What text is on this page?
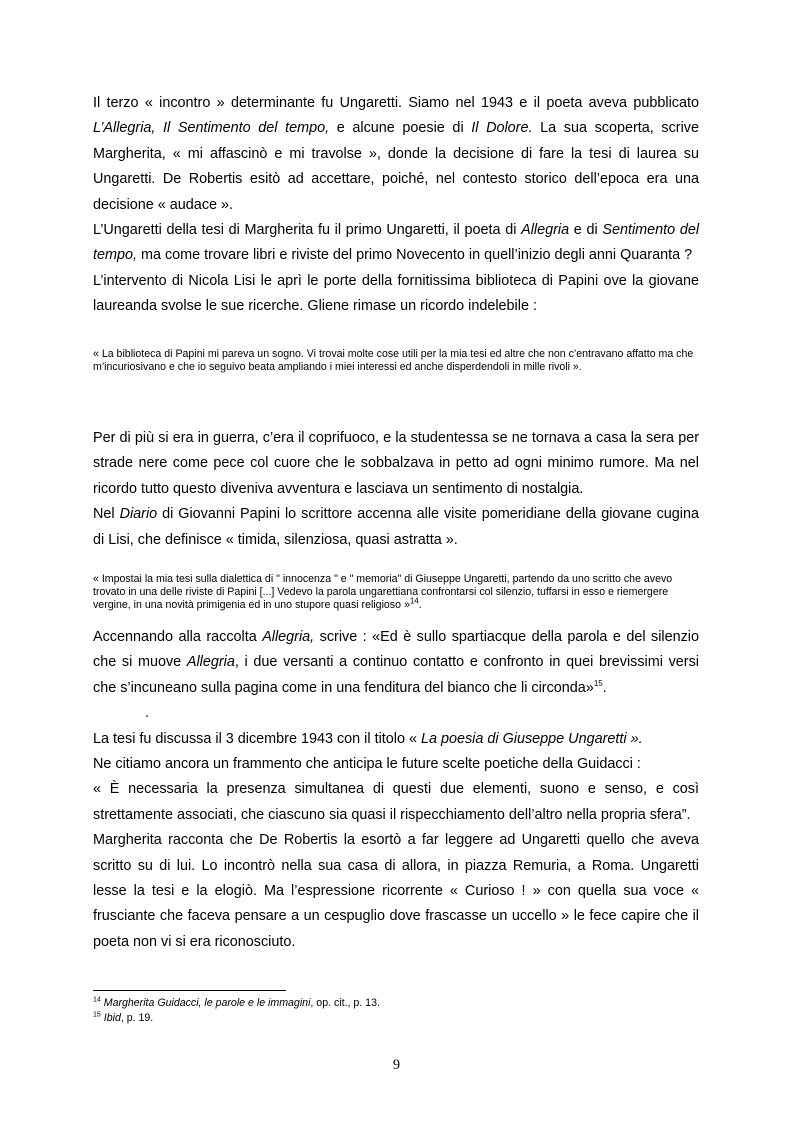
Il terzo « incontro » determinante fu Ungaretti. Siamo nel 1943 e il poeta aveva pubblicato L’Allegria, Il Sentimento del tempo, e alcune poesie di Il Dolore. La sua scoperta, scrive Margherita, « mi affascinò e mi travolse », donde la decisione di fare la tesi di laurea su Ungaretti. De Robertis esitò ad accettare, poiché, nel contesto storico dell’epoca era una decisione « audace ».

L’Ungaretti della tesi di Margherita fu il primo Ungaretti, il poeta di Allegria e di Sentimento del tempo, ma come trovare libri e riviste del primo Novecento in quell’inizio degli anni Quaranta ?

L’intervento di Nicola Lisi le aprì le porte della fornitissima biblioteca di Papini ove la giovane laureanda svolse le sue ricerche. Gliene rimase un ricordo indelebile :

« La biblioteca di Papini mi pareva un sogno. Vi trovai molte cose utili per la mia tesi ed altre che non c’entravano affatto ma che m’incuriosivano e che io seguivo beata ampliando i miei interessi ed anche disperdendoli in mille rivoli ».

Per di più si era in guerra, c’era il coprifuoco, e la studentessa se ne tornava a casa la sera per strade nere come pece col cuore che le sobbalzava in petto ad ogni minimo rumore. Ma nel ricordo tutto questo diveniva avventura e lasciava un sentimento di nostalgia.

Nel Diario di Giovanni Papini lo scrittore accenna alle visite pomeridiane della giovane cugina di Lisi, che definisce « timida, silenziosa, quasi astratta ».

« Impostai la mia tesi sulla dialettica di " innocenza " e " memoria" di Giuseppe Ungaretti, partendo da uno scritto che avevo trovato in una delle riviste di Papini [...] Vedevo la parola ungarettiana confrontarsi col silenzio, tuffarsi in esso e riemergere vergine, in una novità primigenia ed in uno stupore quasi religioso »$^{14}$.

Accennando alla raccolta Allegria, scrive : «Ed è sullo spartiacque della parola e del silenzio che si muove Allegria, i due versanti a continuo contatto e confronto in quei brevissimi versi che s’incuneano sulla pagina come in una fenditura del bianco che li circonda»$^{15}$.

.

La tesi fu discussa il 3 dicembre 1943 con il titolo « La poesia di Giuseppe Ungaretti ».

Ne citiamo ancora un frammento che anticipa le future scelte poetiche della Guidacci :

« È necessaria la presenza simultanea di questi due elementi, suono e senso, e così strettamente associati, che ciascuno sia quasi il rispecchiamento dell’altro nella propria sfera”.

Margherita racconta che De Robertis la esortò a far leggere ad Ungaretti quello che aveva scritto su di lui. Lo incontrò nella sua casa di allora, in piazza Remuria, a Roma. Ungaretti lesse la tesi e la elogiò. Ma l’espressione ricorrente « Curioso ! » con quella sua voce « frusciante che faceva pensare a un cespuglio dove frascasse un uccello » le fece capire che il poeta non vi si era riconosciuto.

$^{14}$ Margherita Guidacci, le parole e le immagini, op. cit., p. 13.

$^{15}$ Ibid, p. 19.

9
